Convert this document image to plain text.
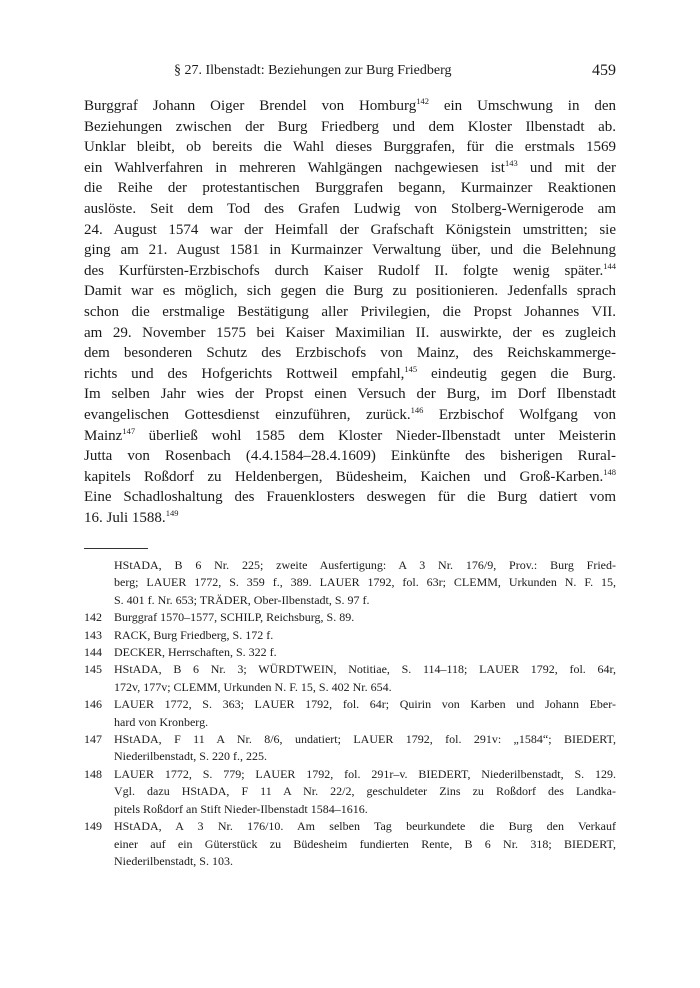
§ 27. Ilbenstadt: Beziehungen zur Burg Friedberg	459
Burggraf Johann Oiger Brendel von Homburg$^{142}$ ein Umschwung in den
Beziehungen zwischen der Burg Friedberg und dem Kloster Ilbenstadt ab.
Unklar bleibt, ob bereits die Wahl dieses Burggrafen, für die erstmals 1569
ein Wahlverfahren in mehreren Wahlgängen nachgewiesen ist$^{143}$ und mit der
die Reihe der protestantischen Burggrafen begann, Kurmainzer Reaktionen
auslöste. Seit dem Tod des Grafen Ludwig von Stolberg-Wernigerode am
24. August 1574 war der Heimfall der Grafschaft Königstein umstritten; sie
ging am 21. August 1581 in Kurmainzer Verwaltung über, und die Belehnung
des Kurfürsten-Erzbischofs durch Kaiser Rudolf II. folgte wenig später.$^{144}$
Damit war es möglich, sich gegen die Burg zu positionieren. Jedenfalls sprach
schon die erstmalige Bestätigung aller Privilegien, die Propst Johannes VII.
am 29. November 1575 bei Kaiser Maximilian II. auswirkte, der es zugleich
dem besonderen Schutz des Erzbischofs von Mainz, des Reichskammerge-
richts und des Hofgerichts Rottweil empfahl,$^{145}$ eindeutig gegen die Burg.
Im selben Jahr wies der Propst einen Versuch der Burg, im Dorf Ilbenstadt
evangelischen Gottesdienst einzuführen, zurück.$^{146}$ Erzbischof Wolfgang von
Mainz$^{147}$ überließ wohl 1585 dem Kloster Nieder-Ilbenstadt unter Meisterin
Jutta von Rosenbach (4.4.1584–28.4.1609) Einkünfte des bisherigen Rural-
kapitels Roßdorf zu Heldenbergen, Büdesheim, Kaichen und Groß-Karben.$^{148}$
Eine Schadloshaltung des Frauenklosters deswegen für die Burg datiert vom
16. Juli 1588.$^{149}$
HStADA, B 6 Nr. 225; zweite Ausfertigung: A 3 Nr. 176/9, Prov.: Burg Fried-
berg; LAUER 1772, S. 359 f., 389. LAUER 1792, fol. 63r; CLEMM, Urkunden N. F. 15,
S. 401 f. Nr. 653; TRÄDER, Ober-Ilbenstadt, S. 97 f.
142 Burggraf 1570–1577, SCHILP, Reichsburg, S. 89.
143 RACK, Burg Friedberg, S. 172 f.
144 DECKER, Herrschaften, S. 322 f.
145 HStADA, B 6 Nr. 3; WÜRDTWEIN, Notitiae, S. 114–118; LAUER 1792, fol. 64r,
172v, 177v; CLEMM, Urkunden N. F. 15, S. 402 Nr. 654.
146 LAUER 1772, S. 363; LAUER 1792, fol. 64r; Quirin von Karben und Johann Eber-
hard von Kronberg.
147 HStADA, F 11 A Nr. 8/6, undatiert; LAUER 1792, fol. 291v: „1584“; BIEDERT,
Niederilbenstadt, S. 220 f., 225.
148 LAUER 1772, S. 779; LAUER 1792, fol. 291r–v. BIEDERT, Niederilbenstadt, S. 129.
Vgl. dazu HStADA, F 11 A Nr. 22/2, geschuldeter Zins zu Roßdorf des Landka-
pitels Roßdorf an Stift Nieder-Ilbenstadt 1584–1616.
149 HStADA, A 3 Nr. 176/10. Am selben Tag beurkundete die Burg den Verkauf
einer auf ein Güterstück zu Büdesheim fundierten Rente, B 6 Nr. 318; BIEDERT,
Niederilbenstadt, S. 103.
